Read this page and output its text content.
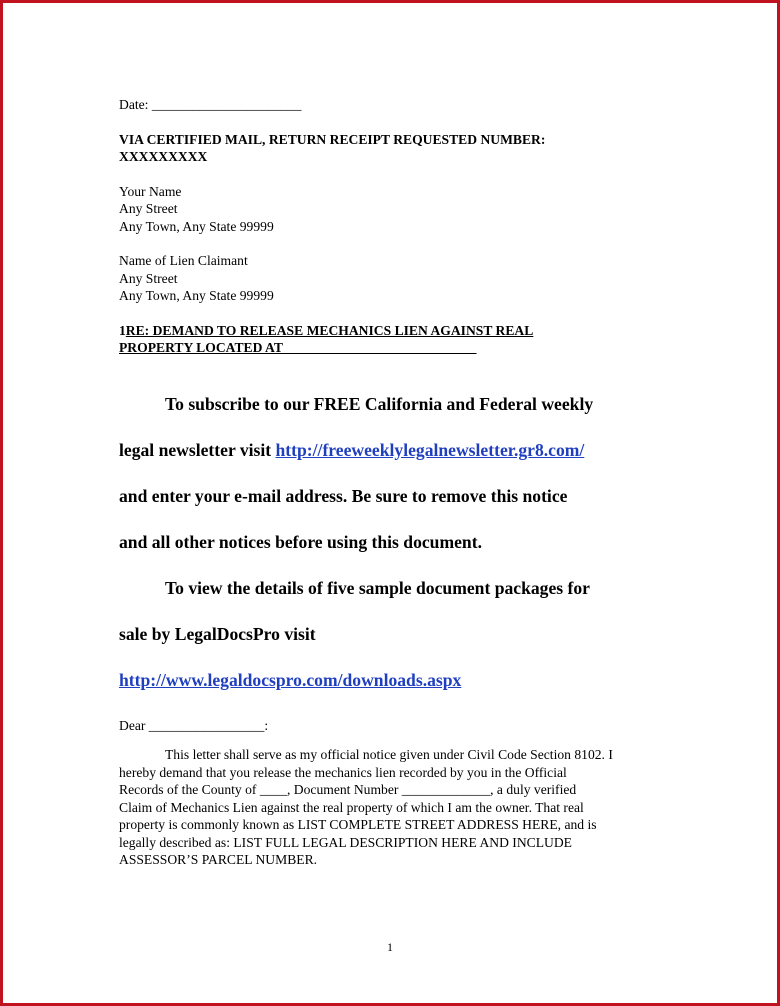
Date: ______________________
VIA CERTIFIED MAIL, RETURN RECEIPT REQUESTED NUMBER:
XXXXXXXXX
Your Name
Any Street
Any Town, Any State 99999
Name of Lien Claimant
Any Street
Any Town, Any State 99999
1RE: DEMAND TO RELEASE MECHANICS LIEN AGAINST REAL
PROPERTY LOCATED AT ____________________________
To subscribe to our FREE California and Federal weekly
legal newsletter visit http://freeweeklylegalnewsletter.gr8.com/
and enter your e-mail address. Be sure to remove this notice
and all other notices before using this document.
To view the details of five sample document packages for
sale by LegalDocsPro visit
http://www.legaldocspro.com/downloads.aspx
Dear _________________:
This letter shall serve as my official notice given under Civil Code Section 8102. I
hereby demand that you release the mechanics lien recorded by you in the Official
Records of the County of ____, Document Number _____________, a duly verified
Claim of Mechanics Lien against the real property of which I am the owner. That real
property is commonly known as LIST COMPLETE STREET ADDRESS HERE, and is
legally described as: LIST FULL LEGAL DESCRIPTION HERE AND INCLUDE
ASSESSOR’S PARCEL NUMBER.
1
